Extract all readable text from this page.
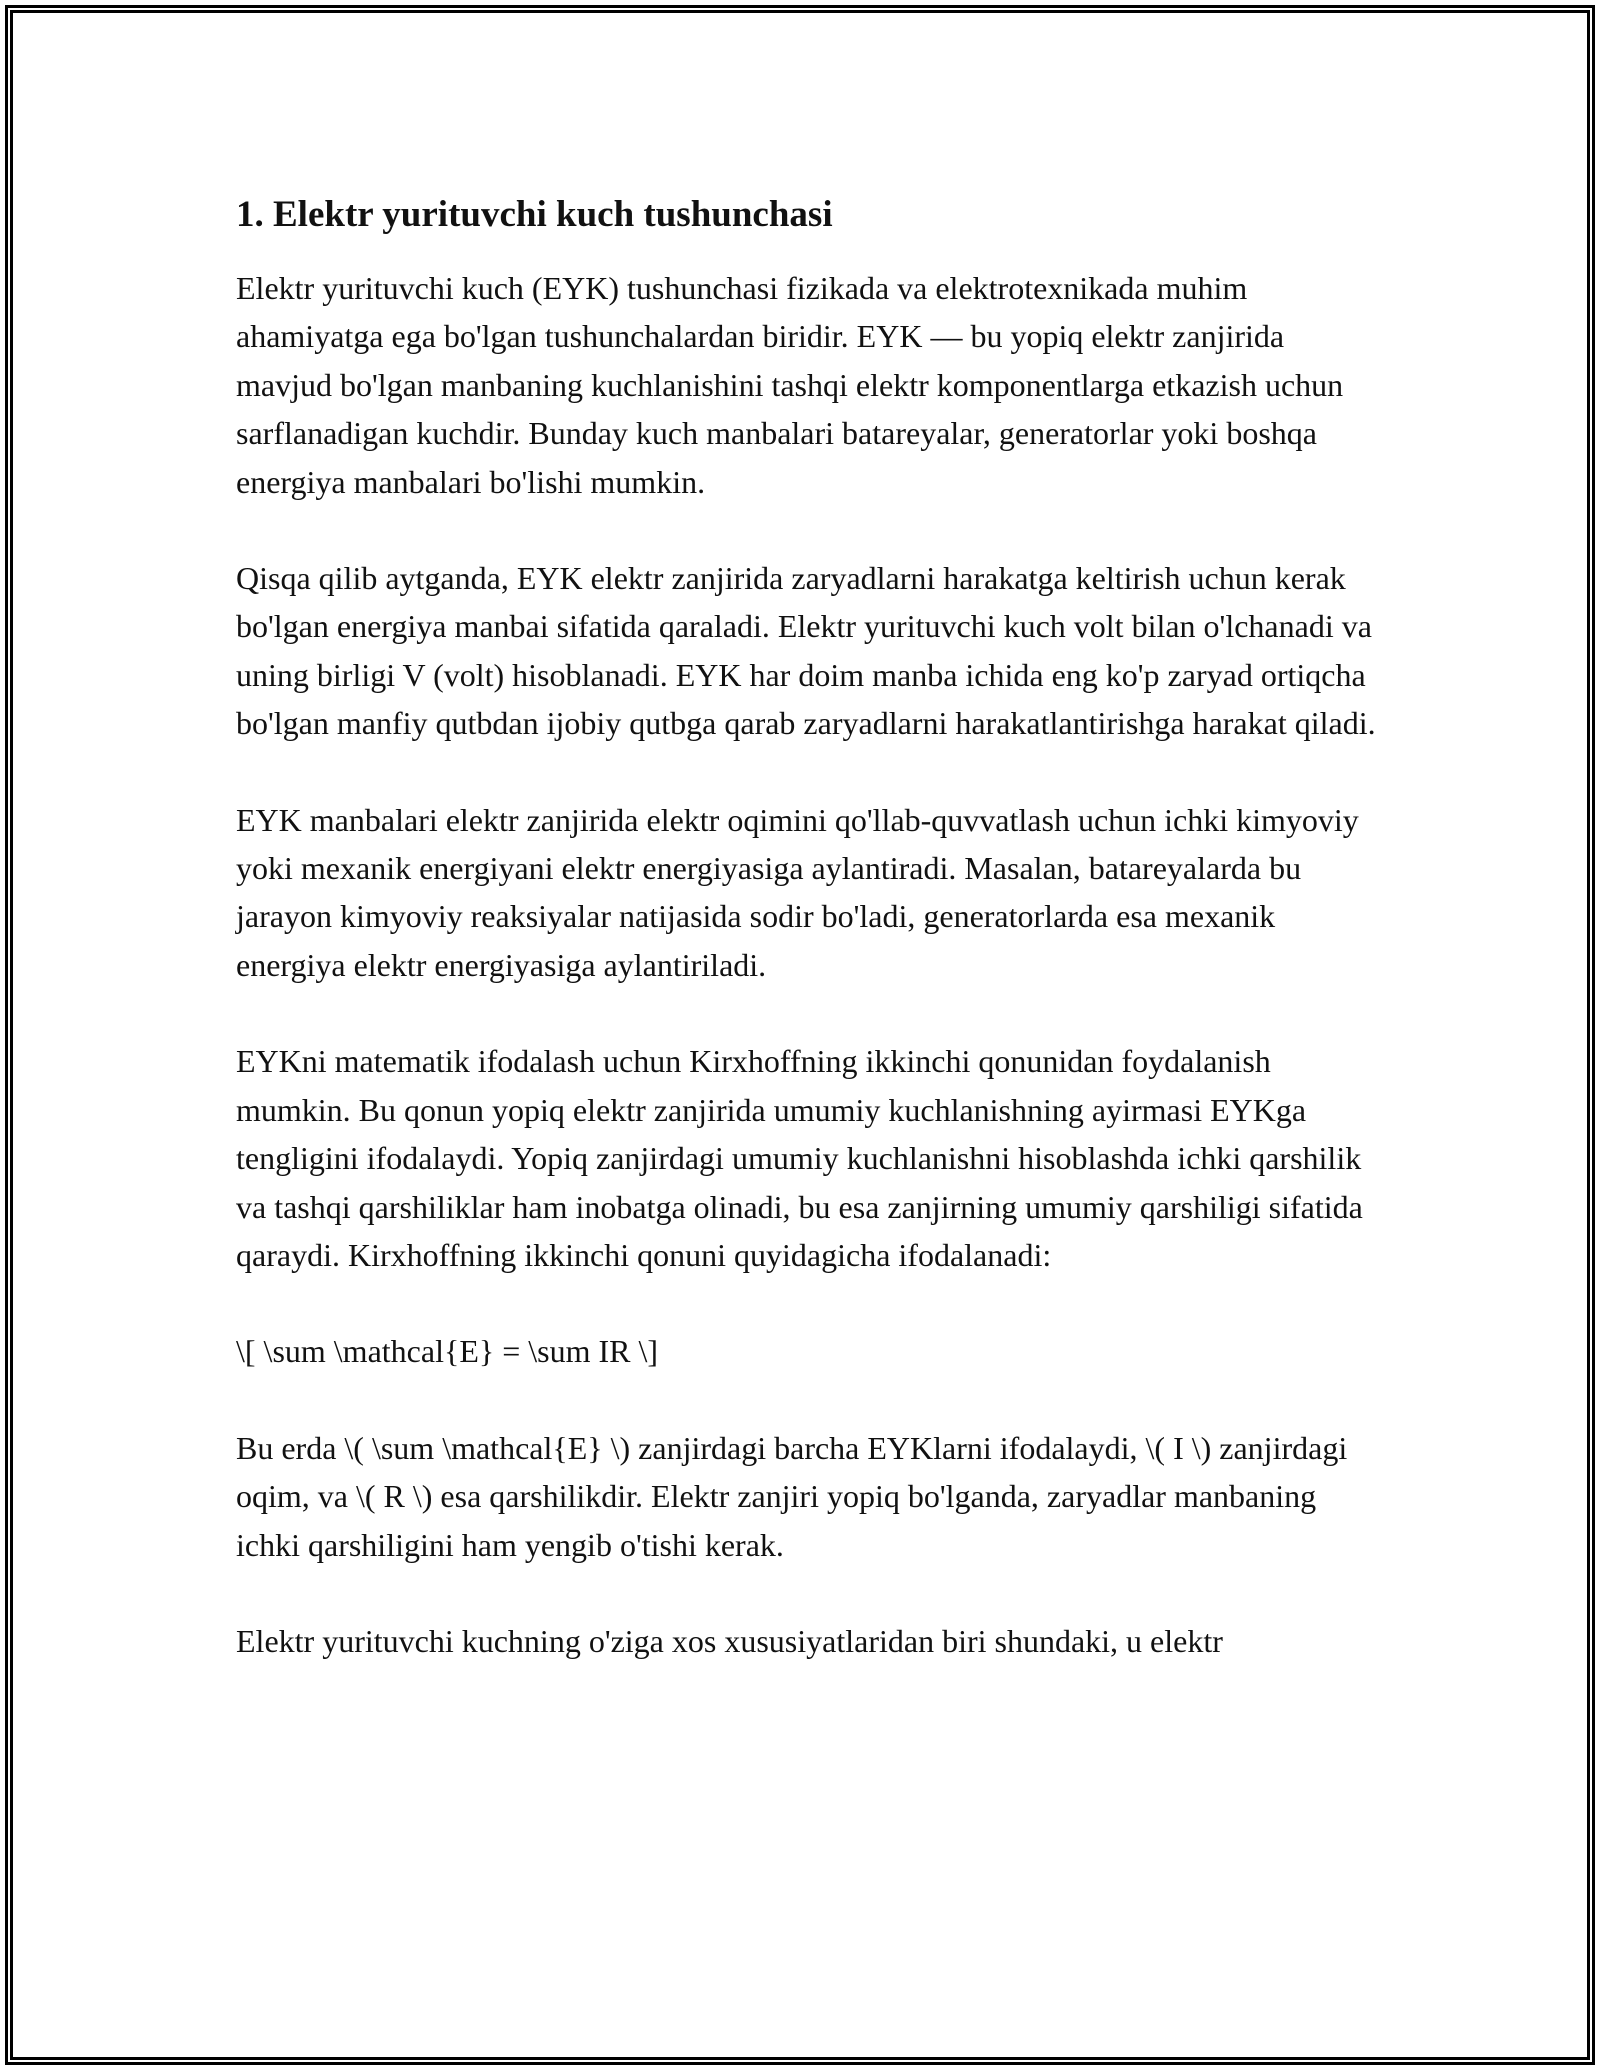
1. Elektr yurituvchi kuch tushunchasi

Elektr yurituvchi kuch (EYK) tushunchasi fizikada va elektrotexnikada muhim ahamiyatga ega bo'lgan tushunchalardan biridir. EYK — bu yopiq elektr zanjirida mavjud bo'lgan manbaning kuchlanishini tashqi elektr komponentlarga etkazish uchun sarflanadigan kuchdir. Bunday kuch manbalari batareyalar, generatorlar yoki boshqa energiya manbalari bo'lishi mumkin.

Qisqa qilib aytganda, EYK elektr zanjirida zaryadlarni harakatga keltirish uchun kerak bo'lgan energiya manbai sifatida qaraladi. Elektr yurituvchi kuch volt bilan o'lchanadi va uning birligi V (volt) hisoblanadi. EYK har doim manba ichida eng ko'p zaryad ortiqcha bo'lgan manfiy qutbdan ijobiy qutbga qarab zaryadlarni harakatlantirishga harakat qiladi.

EYK manbalari elektr zanjirida elektr oqimini qo'llab-quvvatlash uchun ichki kimyoviy yoki mexanik energiyani elektr energiyasiga aylantiradi. Masalan, batareyalarda bu jarayon kimyoviy reaksiyalar natijasida sodir bo'ladi, generatorlarda esa mexanik energiya elektr energiyasiga aylantiriladi.

EYKni matematik ifodalash uchun Kirxhoffning ikkinchi qonunidan foydalanish mumkin. Bu qonun yopiq elektr zanjirida umumiy kuchlanishning ayirmasi EYKga tengligini ifodalaydi. Yopiq zanjirdagi umumiy kuchlanishni hisoblashda ichki qarshilik va tashqi qarshiliklar ham inobatga olinadi, bu esa zanjirning umumiy qarshiligi sifatida qaraydi. Kirxhoffning ikkinchi qonuni quyidagicha ifodalanadi:

\[ \sum \mathcal{E} = \sum IR \]

Bu erda \( \sum \mathcal{E} \) zanjirdagi barcha EYKlarni ifodalaydi, \( I \) zanjirdagi oqim, va \( R \) esa qarshilikdir. Elektr zanjiri yopiq bo'lganda, zaryadlar manbaning ichki qarshiligini ham yengib o'tishi kerak.

Elektr yurituvchi kuchning o'ziga xos xususiyatlaridan biri shundaki, u elektr
